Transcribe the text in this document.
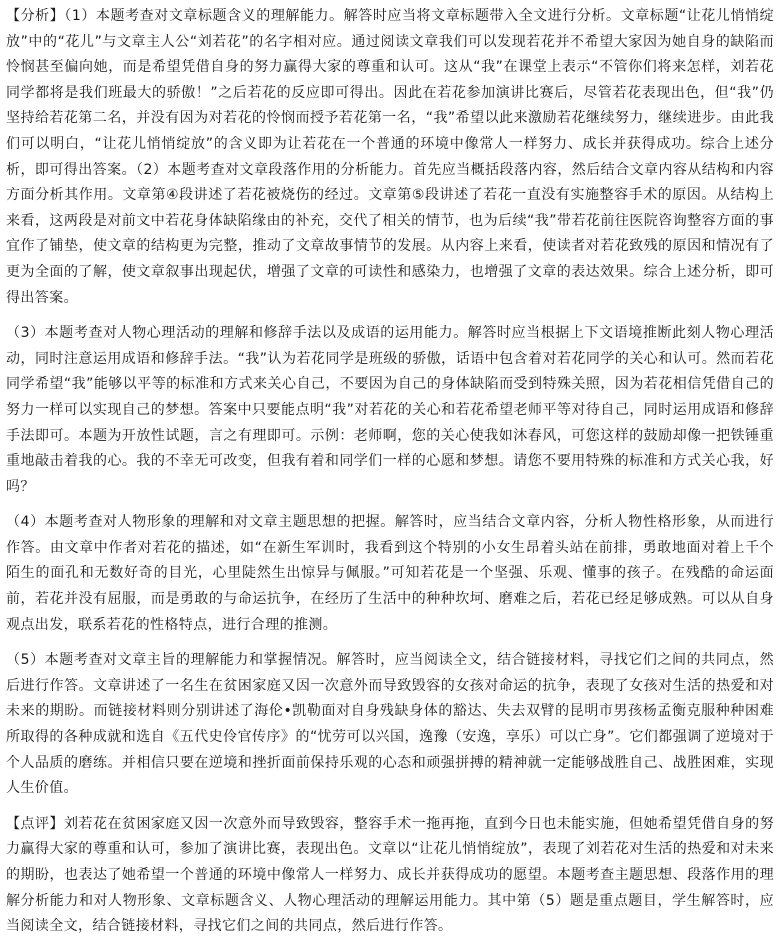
【分析】（1）本题考查对文章标题含义的理解能力。解答时应当将文章标题带入全文进行分析。文章标题“让花儿悄悄绽放”中的“花儿”与文章主人公“刘若花”的名字相对应。通过阅读文章我们可以发现若花并不希望大家因为她自身的缺陷而怜悯甚至偏向她，而是希望凭借自身的努力赢得大家的尊重和认可。这从“我”在课堂上表示“不管你们将来怎样，刘若花同学都将是我们班最大的骄傲！”之后若花的反应即可得出。因此在若花参加演讲比赛后，尽管若花表现出色，但“我”仍坚持给若花第二名，并没有因为对若花的怜悯而授予若花第一名，“我”希望以此来激励若花继续努力，继续进步。由此我们可以明白，“让花儿悄悄绽放”的含义即为让若花在一个普通的环境中像常人一样努力、成长并获得成功。综合上述分析，即可得出答案。（2）本题考查对文章段落作用的分析能力。首先应当概括段落内容，然后结合文章内容从结构和内容方面分析其作用。文章第④段讲述了若花被烧伤的经过。文章第⑤段讲述了若花一直没有实施整容手术的原因。从结构上来看，这两段是对前文中若花身体缺陷缘由的补充，交代了相关的情节，也为后续“我”带若花前往医院咨询整容方面的事宜作了铺垫，使文章的结构更为完整，推动了文章故事情节的发展。从内容上来看，使读者对若花致残的原因和情况有了更为全面的了解，使文章叙事出现起伏，增强了文章的可读性和感染力，也增强了文章的表达效果。综合上述分析，即可得出答案。

（3）本题考查对人物心理活动的理解和修辞手法以及成语的运用能力。解答时应当根据上下文语境推断此刻人物心理活动，同时注意运用成语和修辞手法。“我”认为若花同学是班级的骄傲，话语中包含着对若花同学的关心和认可。然而若花同学希望“我”能够以平等的标准和方式来关心自己，不要因为自己的身体缺陷而受到特殊关照，因为若花相信凭借自己的努力一样可以实现自己的梦想。答案中只要能点明“我”对若花的关心和若花希望老师平等对待自己，同时运用成语和修辞手法即可。本题为开放性试题，言之有理即可。示例：老师啊，您的关心使我如沐春风，可您这样的鼓励却像一把铁锤重重地敲击着我的心。我的不幸无可改变，但我有着和同学们一样的心愿和梦想。请您不要用特殊的标准和方式关心我，好吗？

（4）本题考查对人物形象的理解和对文章主题思想的把握。解答时，应当结合文章内容，分析人物性格形象，从而进行作答。由文章中作者对若花的描述，如“在新生军训时，我看到这个特别的小女生昂着头站在前排，勇敢地面对着上千个陌生的面孔和无数好奇的目光，心里陡然生出惊异与佩服。”可知若花是一个坚强、乐观、懂事的孩子。在残酷的命运面前，若花并没有屈服，而是勇敢的与命运抗争，在经历了生活中的种种坎坷、磨难之后，若花已经足够成熟。可以从自身观点出发，联系若花的性格特点，进行合理的推测。

（5）本题考查对文章主旨的理解能力和掌握情况。解答时，应当阅读全文，结合链接材料，寻找它们之间的共同点，然后进行作答。文章讲述了一名生在贫困家庭又因一次意外而导致毁容的女孩对命运的抗争，表现了女孩对生活的热爱和对未来的期盼。而链接材料则分别讲述了海伦•凯勒面对自身残缺身体的豁达、失去双臂的昆明市男孩杨孟衡克服种种困难所取得的各种成就和选自《五代史伶官传序》的“忧劳可以兴国，逸豫（安逸，享乐）可以亡身”。它们都强调了逆境对于个人品质的磨练。并相信只要在逆境和挫折面前保持乐观的心态和顽强拼搏的精神就一定能够战胜自己、战胜困难，实现人生价值。

【点评】刘若花在贫困家庭又因一次意外而导致毁容，整容手术一拖再拖，直到今日也未能实施，但她希望凭借自身的努力赢得大家的尊重和认可，参加了演讲比赛，表现出色。文章以“让花儿悄悄绽放”，表现了刘若花对生活的热爱和对未来的期盼，也表达了她希望一个普通的环境中像常人一样努力、成长并获得成功的愿望。本题考查主题思想、段落作用的理解分析能力和对人物形象、文章标题含义、人物心理活动的理解运用能力。其中第（5）题是重点题目，学生解答时，应当阅读全文，结合链接材料，寻找它们之间的共同点，然后进行作答。
